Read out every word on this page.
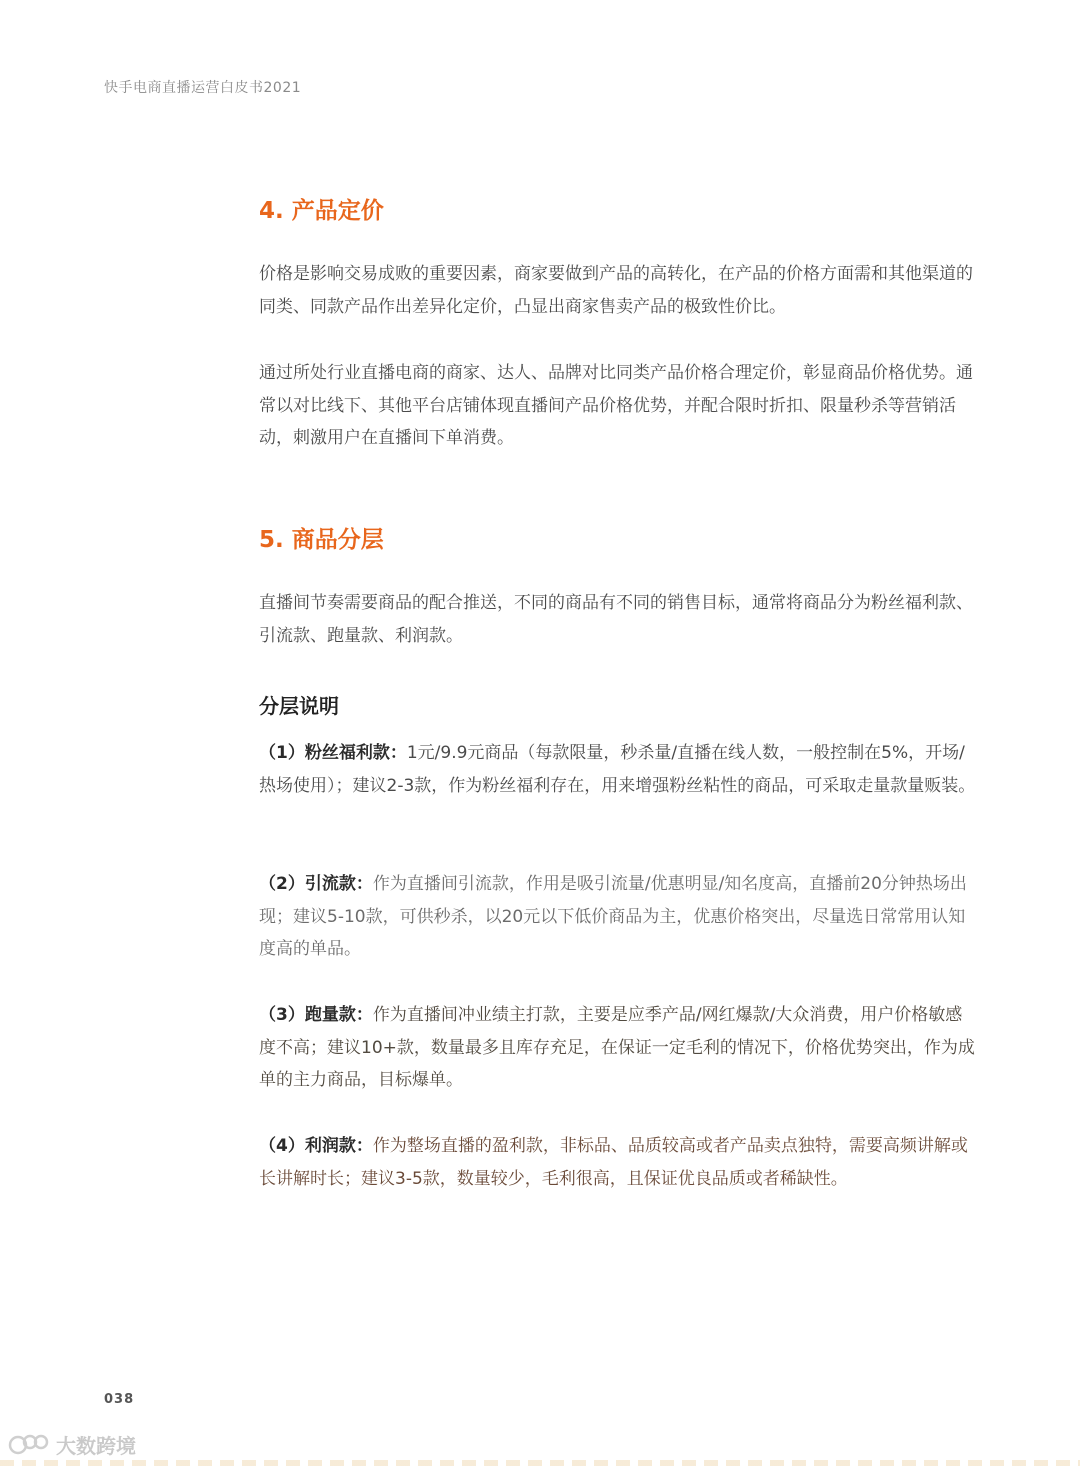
快手电商直播运营白皮书2021
4. 产品定价

价格是影响交易成败的重要因素，商家要做到产品的高转化，在产品的价格方面需和其他渠道的同类、同款产品作出差异化定价，凸显出商家售卖产品的极致性价比。

通过所处行业直播电商的商家、达人、品牌对比同类产品价格合理定价，彰显商品价格优势。通常以对比线下、其他平台店铺体现直播间产品价格优势，并配合限时折扣、限量秒杀等营销活动，刺激用户在直播间下单消费。

5. 商品分层

直播间节奏需要商品的配合推送，不同的商品有不同的销售目标，通常将商品分为粉丝福利款、引流款、跑量款、利润款。

分层说明

（1）粉丝福利款：1元/9.9元商品（每款限量，秒杀量/直播在线人数，一般控制在5%，开场/热场使用）；建议2-3款，作为粉丝福利存在，用来增强粉丝粘性的商品，可采取走量款量贩装。

（2）引流款：作为直播间引流款，作用是吸引流量/优惠明显/知名度高，直播前20分钟热场出现；建议5-10款，可供秒杀，以20元以下低价商品为主，优惠价格突出，尽量选日常常用认知度高的单品。

（3）跑量款：作为直播间冲业绩主打款，主要是应季产品/网红爆款/大众消费，用户价格敏感度不高；建议10+款，数量最多且库存充足，在保证一定毛利的情况下，价格优势突出，作为成单的主力商品，目标爆单。

（4）利润款：作为整场直播的盈利款，非标品、品质较高或者产品卖点独特，需要高频讲解或长讲解时长；建议3-5款，数量较少，毛利很高，且保证优良品质或者稀缺性。

038
大数跨境
